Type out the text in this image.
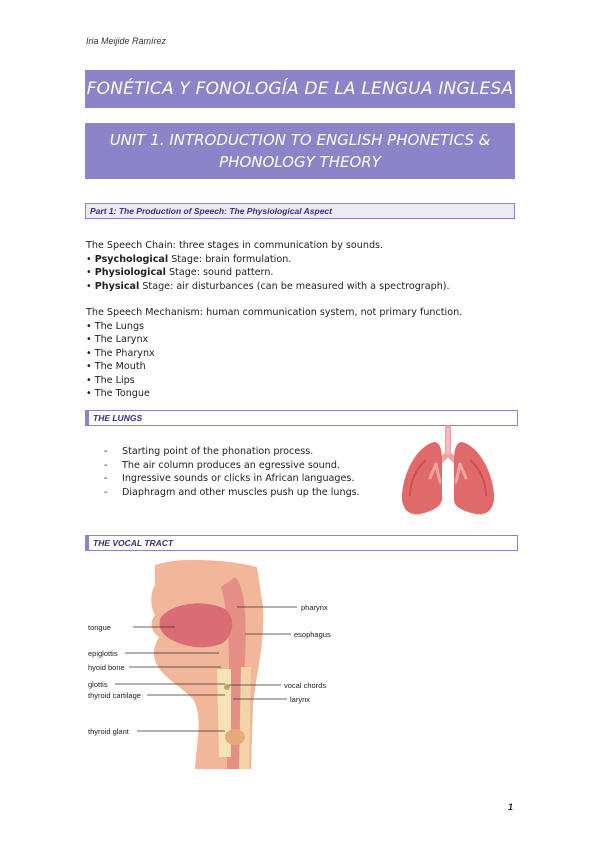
Iria Meijide Ramírez
FONÉTICA Y FONOLOGÍA DE LA LENGUA INGLESA
UNIT 1. INTRODUCTION TO ENGLISH PHONETICS &
PHONOLOGY THEORY
Part 1: The Production of Speech: The Physiological Aspect

The Speech Chain: three stages in communication by sounds.

• Psychological Stage: brain formulation.
• Physiological Stage: sound pattern.
• Physical Stage: air disturbances (can be measured with a spectrograph).

The Speech Mechanism: human communication system, not primary function.

• The Lungs
• The Larynx
• The Pharynx
• The Mouth
• The Lips
• The Tongue
THE LUNGS
- Starting point of the phonation process.
- The air column produces an egressive sound.
- Ingressive sounds or clicks in African languages.
- Diaphragm and other muscles push up the lungs.
THE VOCAL TRACT
pharynx
tongue
esophagus
epiglottis
hyoid bone
glottis	vocal chords
thyroid cartilage	larynx
thyroid glant
1
